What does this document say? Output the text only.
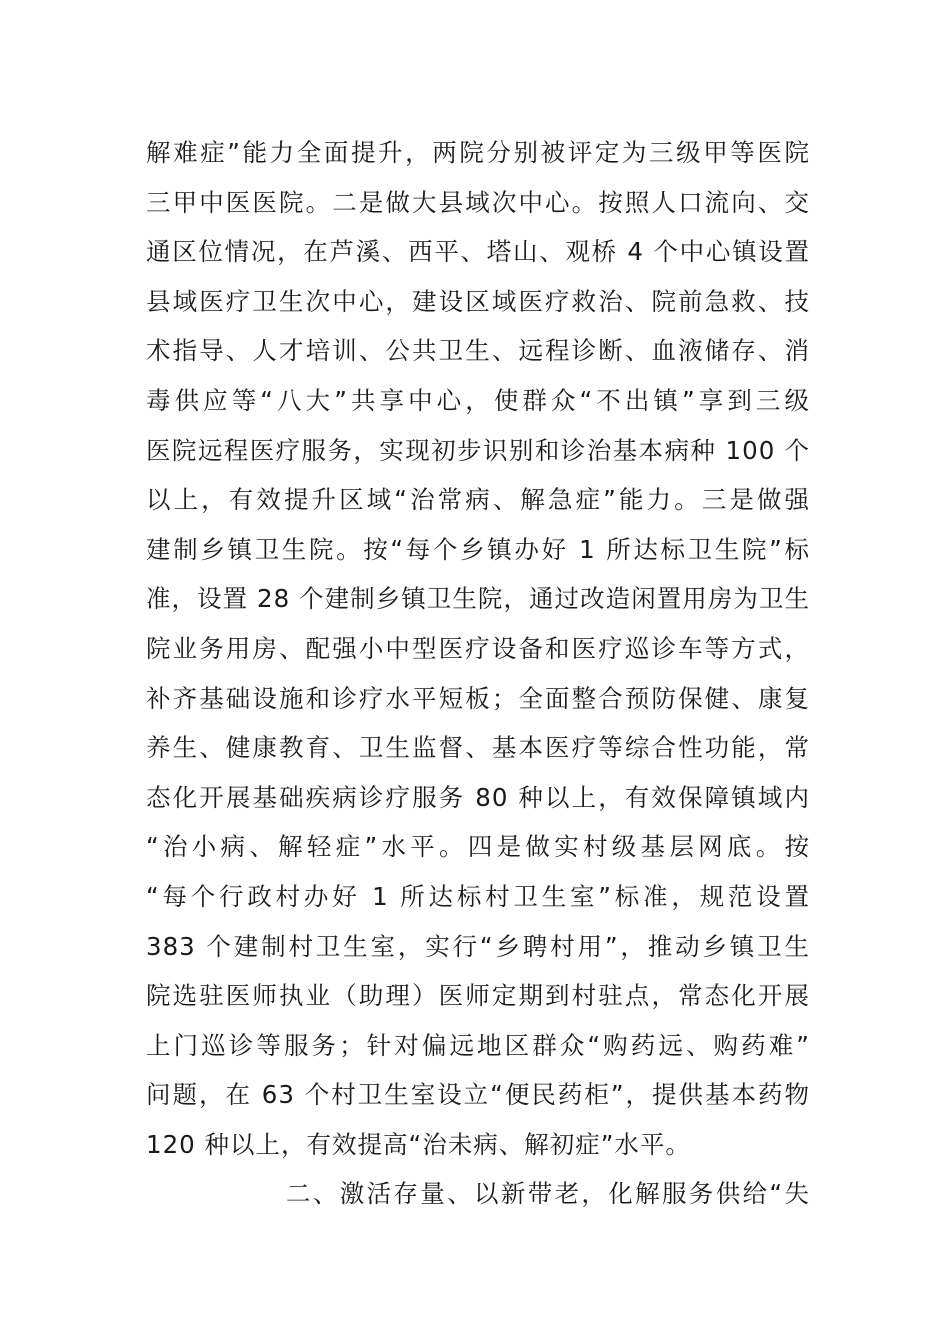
解难症”能力全面提升，两院分别被评定为三级甲等医院
三甲中医医院。二是做大县域次中心。按照人口流向、交
通区位情况，在芦溪、西平、塔山、观桥 4 个中心镇设置
县域医疗卫生次中心，建设区域医疗救治、院前急救、技
术指导、人才培训、公共卫生、远程诊断、血液储存、消
毒供应等“八大”共享中心，使群众“不出镇”享到三级
医院远程医疗服务，实现初步识别和诊治基本病种 100 个
以上，有效提升区域“治常病、解急症”能力。三是做强
建制乡镇卫生院。按“每个乡镇办好 1 所达标卫生院”标
准，设置 28 个建制乡镇卫生院，通过改造闲置用房为卫生
院业务用房、配强小中型医疗设备和医疗巡诊车等方式，
补齐基础设施和诊疗水平短板；全面整合预防保健、康复
养生、健康教育、卫生监督、基本医疗等综合性功能，常
态化开展基础疾病诊疗服务 80 种以上，有效保障镇域内
“治小病、解轻症”水平。四是做实村级基层网底。按
“每个行政村办好 1 所达标村卫生室”标准，规范设置
383 个建制村卫生室，实行“乡聘村用”，推动乡镇卫生
院选驻医师执业（助理）医师定期到村驻点，常态化开展
上门巡诊等服务；针对偏远地区群众“购药远、购药难”
问题，在 63 个村卫生室设立“便民药柜”，提供基本药物
120 种以上，有效提高“治未病、解初症”水平。
二、激活存量、以新带老，化解服务供给“失
